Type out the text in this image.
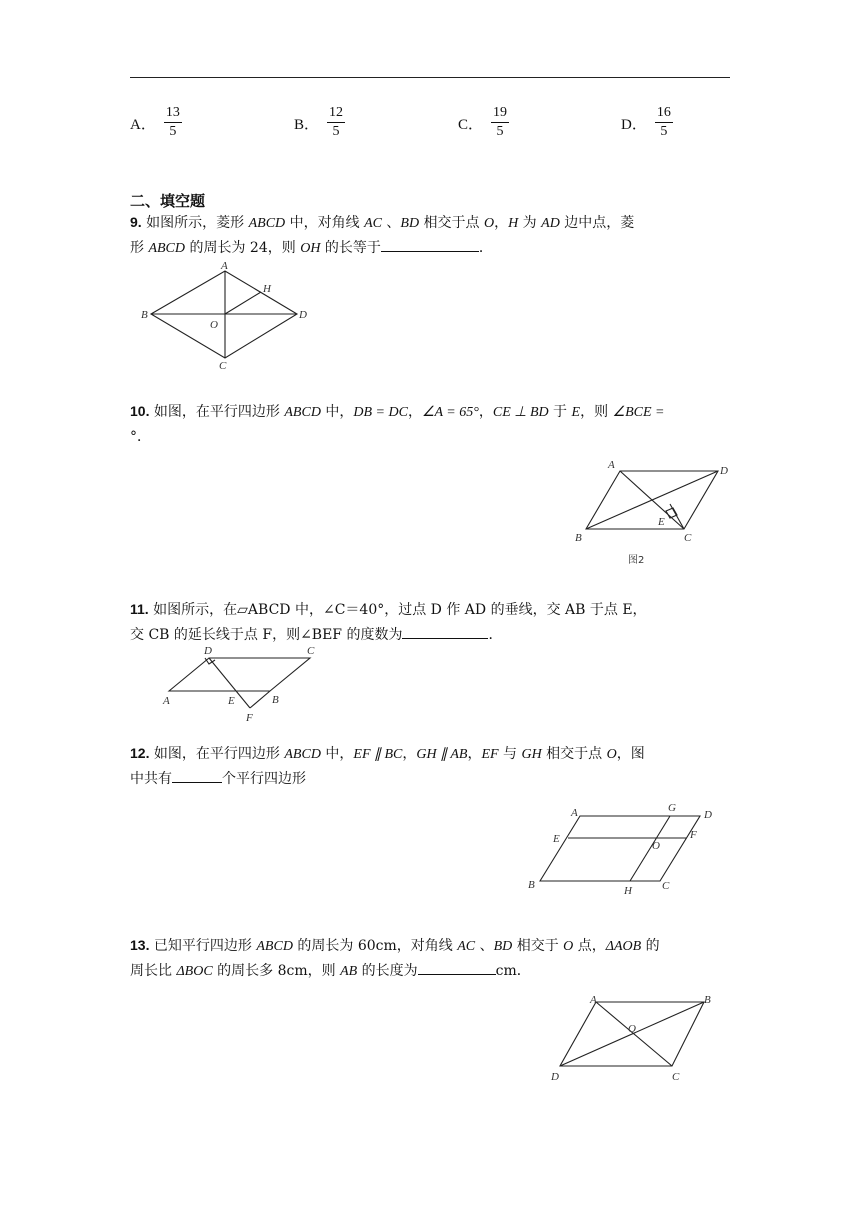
A． $\frac{13}{5}$	B． $\frac{12}{5}$	C． $\frac{19}{5}$	D． $\frac{16}{5}$
二、填空题
9. 如图所示，菱形 ABCD 中，对角线 AC 、BD 相交于点 O，H 为 AD 边中点，菱
形 ABCD 的周长为 24，则 OH 的长等于	．
A
B
C
D
O
H
10. 如图，在平行四边形 ABCD 中，DB = DC，∠A = 65°，CE ⊥ BD 于 E，则 ∠BCE =
°．
A
B	C
D
E
图2
11. 如图所示，在▱ABCD 中，∠C＝40°，过点 D 作 AD 的垂线，交 AB 于点 E，
交 CB 的延长线于点 F，则∠BEF 的度数为	．
A	B
C
D
E
F
12. 如图，在平行四边形 ABCD 中，EF ∥ BC，GH ∥ AB，EF 与 GH 相交于点 O，图
中共有	个平行四边形
A
B	C
D
E	F
G
H
O
13. 已知平行四边形 ABCD 的周长为 60cm，对角线 AC 、BD 相交于 O 点，ΔAOB 的
周长比 ΔBOC 的周长多 8cm，则 AB 的长度为	cm．
A	B
C
D
O
